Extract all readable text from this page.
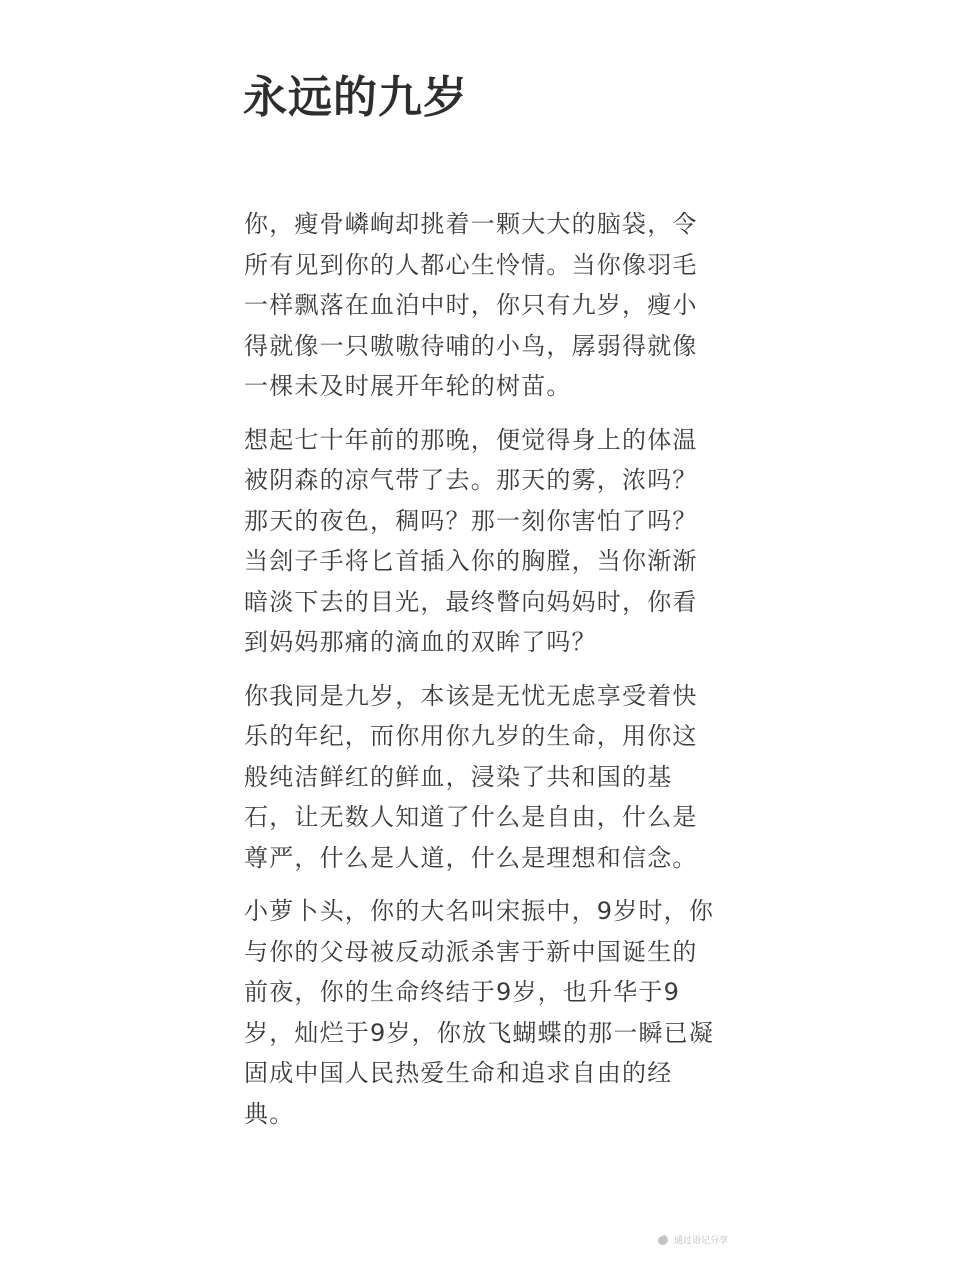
永远的九岁

你，瘦骨嶙峋却挑着一颗大大的脑袋，令所有见到你的人都心生怜情。当你像羽毛一样飘落在血泊中时，你只有九岁，瘦小得就像一只嗷嗷待哺的小鸟，孱弱得就像一棵未及时展开年轮的树苗。

想起七十年前的那晚，便觉得身上的体温被阴森的凉气带了去。那天的雾，浓吗？那天的夜色，稠吗？那一刻你害怕了吗？当刽子手将匕首插入你的胸膛，当你渐渐暗淡下去的目光，最终瞥向妈妈时，你看到妈妈那痛的滴血的双眸了吗？

你我同是九岁，本该是无忧无虑享受着快乐的年纪，而你用你九岁的生命，用你这般纯洁鲜红的鲜血，浸染了共和国的基石，让无数人知道了什么是自由，什么是尊严，什么是人道，什么是理想和信念。

小萝卜头，你的大名叫宋振中，9岁时，你与你的父母被反动派杀害于新中国诞生的前夜，你的生命终结于9岁，也升华于9岁，灿烂于9岁，你放飞蝴蝶的那一瞬已凝固成中国人民热爱生命和追求自由的经典。

通过语记分享
